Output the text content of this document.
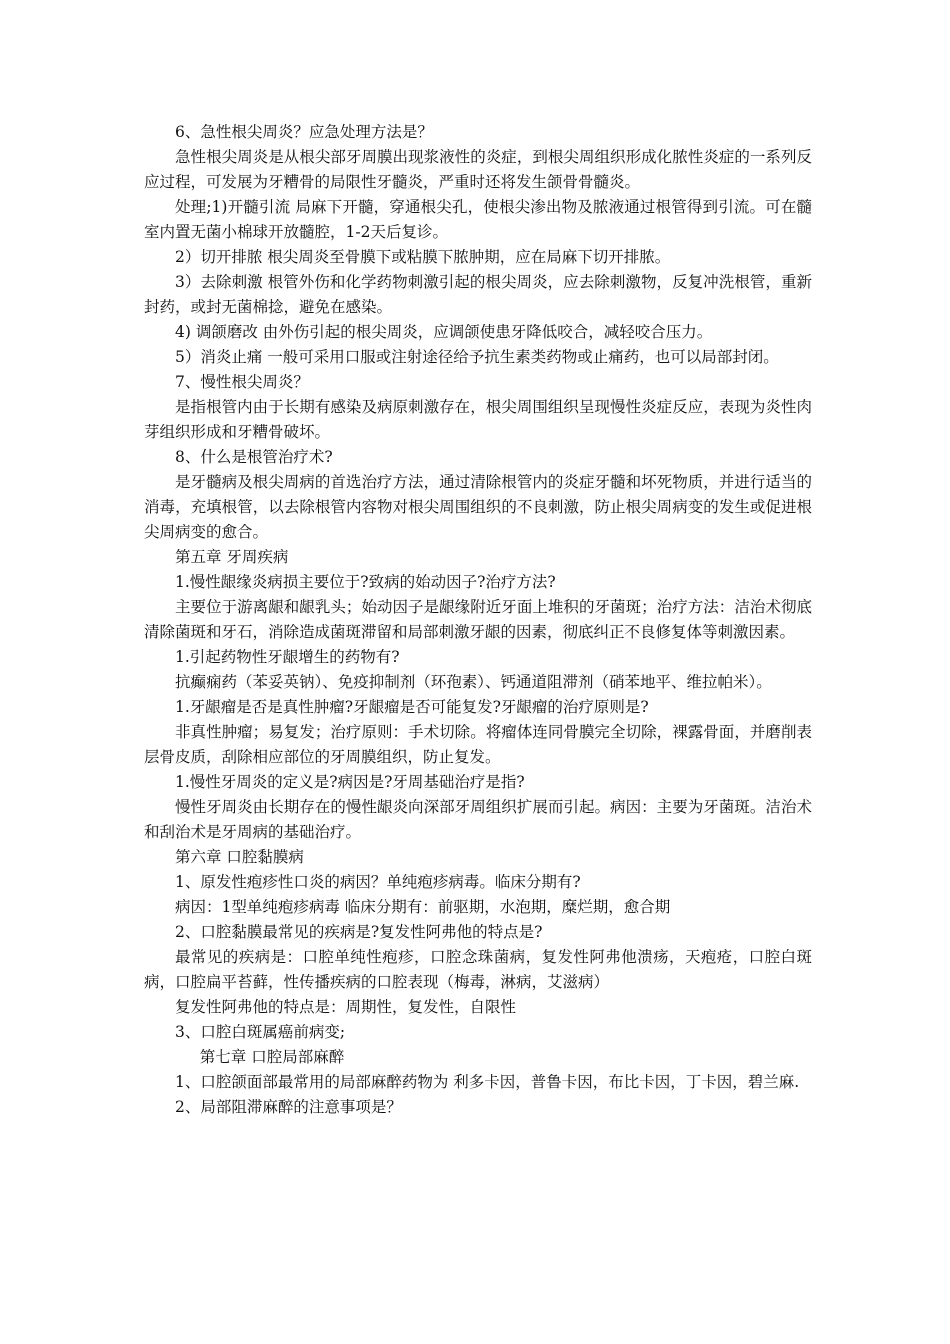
6、急性根尖周炎？应急处理方法是？

急性根尖周炎是从根尖部牙周膜出现浆液性的炎症，到根尖周组织形成化脓性炎症的一系列反应过程，可发展为牙糟骨的局限性牙髓炎，严重时还将发生颌骨骨髓炎。

处理;1)开髓引流 局麻下开髓，穿通根尖孔，使根尖渗出物及脓液通过根管得到引流。可在髓室内置无菌小棉球开放髓腔，1-2天后复诊。

2）切开排脓 根尖周炎至骨膜下或粘膜下脓肿期，应在局麻下切开排脓。

3）去除刺激 根管外伤和化学药物刺激引起的根尖周炎，应去除刺激物，反复冲洗根管，重新封药，或封无菌棉捻，避免在感染。

4) 调颌磨改 由外伤引起的根尖周炎，应调颌使患牙降低咬合，减轻咬合压力。

5）消炎止痛 一般可采用口服或注射途径给予抗生素类药物或止痛药，也可以局部封闭。

7、慢性根尖周炎？

是指根管内由于长期有感染及病原刺激存在，根尖周围组织呈现慢性炎症反应，表现为炎性肉芽组织形成和牙糟骨破坏。

8、什么是根管治疗术?

是牙髓病及根尖周病的首选治疗方法，通过清除根管内的炎症牙髓和坏死物质，并进行适当的消毒，充填根管，以去除根管内容物对根尖周围组织的不良刺激，防止根尖周病变的发生或促进根尖周病变的愈合。

第五章 牙周疾病

1.慢性龈缘炎病损主要位于?致病的始动因子?治疗方法?

主要位于游离龈和龈乳头；始动因子是龈缘附近牙面上堆积的牙菌斑；治疗方法：洁治术彻底清除菌斑和牙石，消除造成菌斑滞留和局部刺激牙龈的因素，彻底纠正不良修复体等刺激因素。

1.引起药物性牙龈增生的药物有?

抗癫痫药（苯妥英钠）、免疫抑制剂（环孢素）、钙通道阻滞剂（硝苯地平、维拉帕米）。

1.牙龈瘤是否是真性肿瘤?牙龈瘤是否可能复发?牙龈瘤的治疗原则是?

非真性肿瘤；易复发；治疗原则：手术切除。将瘤体连同骨膜完全切除，裸露骨面，并磨削表层骨皮质，刮除相应部位的牙周膜组织，防止复发。

1.慢性牙周炎的定义是?病因是?牙周基础治疗是指?

慢性牙周炎由长期存在的慢性龈炎向深部牙周组织扩展而引起。病因：主要为牙菌斑。洁治术和刮治术是牙周病的基础治疗。

第六章 口腔黏膜病

1、原发性疱疹性口炎的病因？单纯疱疹病毒。临床分期有?

病因：1型单纯疱疹病毒 临床分期有：前驱期，水泡期，糜烂期，愈合期

2、口腔黏膜最常见的疾病是?复发性阿弗他的特点是?

最常见的疾病是：口腔单纯性疱疹，口腔念珠菌病，复发性阿弗他溃疡，天疱疮，口腔白斑病，口腔扁平苔藓，性传播疾病的口腔表现（梅毒，淋病，艾滋病）

复发性阿弗他的特点是：周期性，复发性，自限性

3、口腔白斑属癌前病变;

第七章 口腔局部麻醉

1、口腔颌面部最常用的局部麻醉药物为 利多卡因，普鲁卡因，布比卡因，丁卡因，碧兰麻.

2、局部阻滞麻醉的注意事项是？
